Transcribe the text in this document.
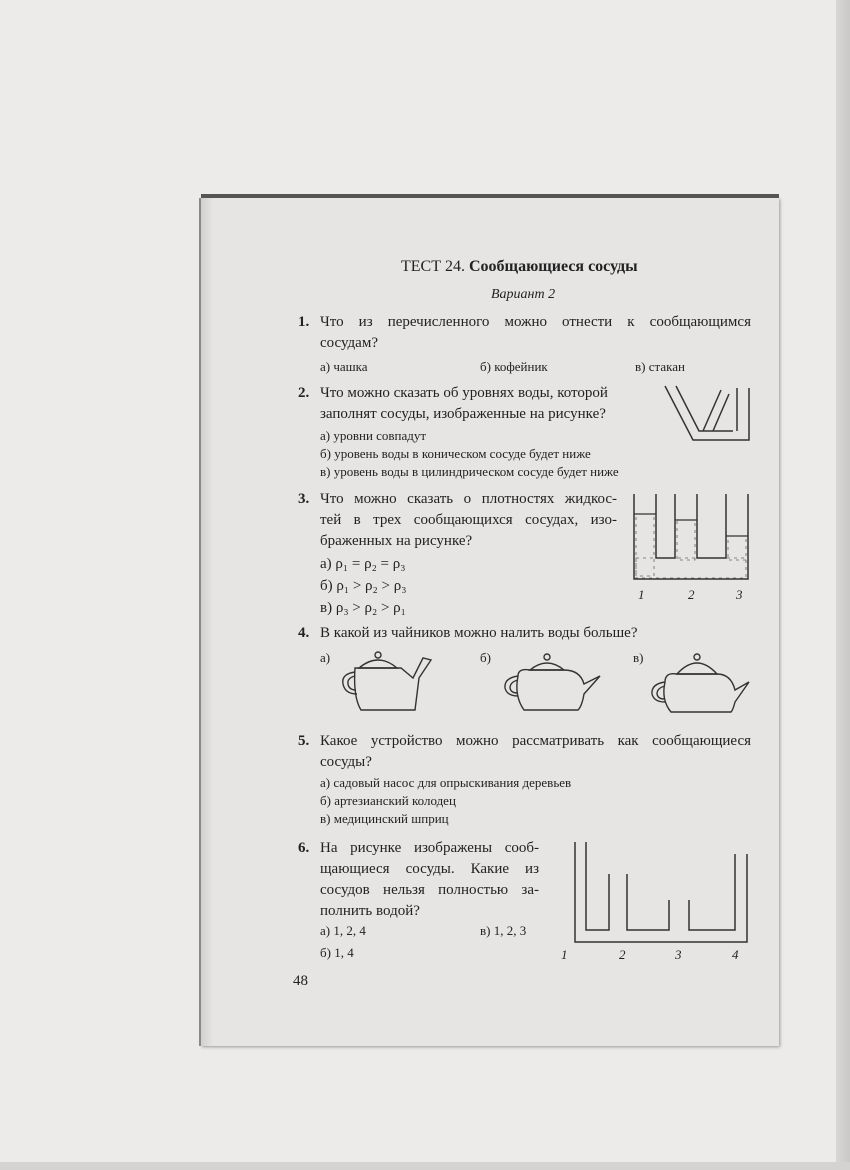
ТЕСТ 24. Сообщающиеся сосуды
Вариант 2
1. Что из перечисленного можно отнести к сообщающимся
сосудам?
а) чашка	б) кофейник	в) стакан
2. Что можно сказать об уровнях воды, которой
заполнят сосуды, изображенные на рисунке?
а) уровни совпадут
б) уровень воды в коническом сосуде будет ниже
в) уровень воды в цилиндрическом сосуде будет ниже
3. Что можно сказать о плотностях жидкос-
тей в трех сообщающихся сосудах, изо-
браженных на рисунке?
а) ρ₁ = ρ₂ = ρ₃
б) ρ₁ > ρ₂ > ρ₃
в) ρ₃ > ρ₂ > ρ₁
1	2	3
4. В какой из чайников можно налить воды больше?
а)	б)	в)
5. Какое устройство можно рассматривать как сообщающиеся
сосуды?
а) садовый насос для опрыскивания деревьев
б) артезианский колодец
в) медицинский шприц
6. На рисунке изображены сооб-
щающиеся сосуды. Какие из
сосудов нельзя полностью за-
полнить водой?
а) 1, 2, 4	в) 1, 2, 3
б) 1, 4	1	2	3	4
48
